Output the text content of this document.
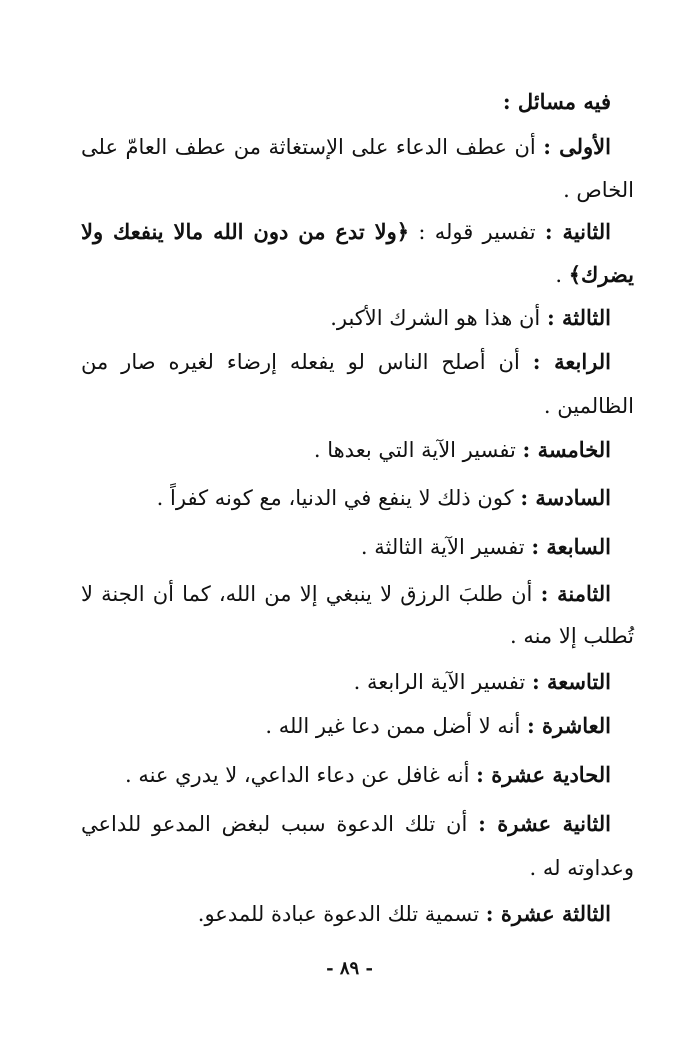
فيه مسائل :
الأولى : أن عطف الدعاء على الإستغاثة من عطف العامّ على
الخاص .
الثانية : تفسير قوله : ﴿ولا تدع من دون الله مالا ينفعك ولا
يضرك﴾ .
الثالثة : أن هذا هو الشرك الأكبر.
الرابعة : أن أصلح الناس لو يفعله إرضاء لغيره صار من
الظالمين .
الخامسة : تفسير الآية التي بعدها .
السادسة : كون ذلك لا ينفع في الدنيا، مع كونه كفراً .
السابعة : تفسير الآية الثالثة .
الثامنة : أن طلبَ الرزق لا ينبغي إلا من الله، كما أن الجنة لا
تُطلب إلا منه .
التاسعة : تفسير الآية الرابعة .
العاشرة : أنه لا أضل ممن دعا غير الله .
الحادية عشرة : أنه غافل عن دعاء الداعي، لا يدري عنه .
الثانية عشرة : أن تلك الدعوة سبب لبغض المدعو للداعي
وعداوته له .
الثالثة عشرة : تسمية تلك الدعوة عبادة للمدعو.
- ٨٩ -
